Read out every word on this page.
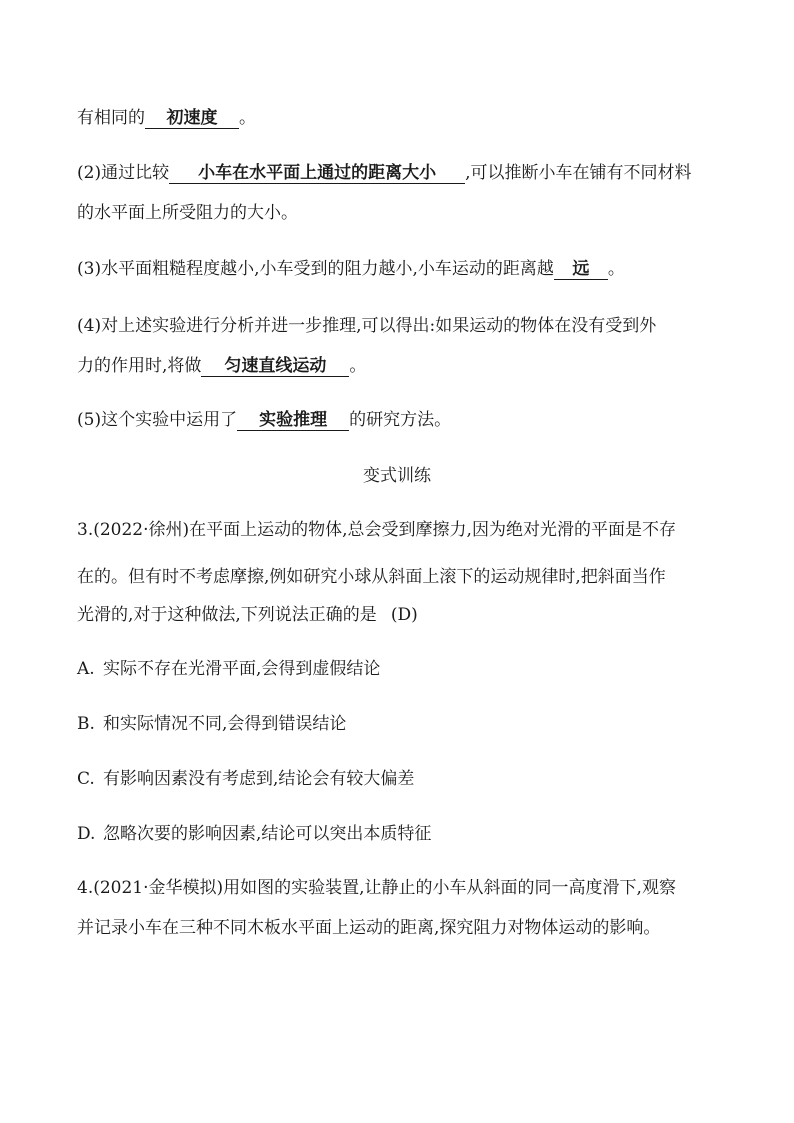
有相同的 初速度 。
(2)通过比较 小车在水平面上通过的距离大小 ,可以推断小车在铺有不同材料
的水平面上所受阻力的大小。
(3)水平面粗糙程度越小,小车受到的阻力越小,小车运动的距离越 远 。
(4)对上述实验进行分析并进一步推理,可以得出:如果运动的物体在没有受到外
力的作用时,将做 匀速直线运动 。
(5)这个实验中运用了 实验推理 的研究方法。
变式训练
3.(2022·徐州)在平面上运动的物体,总会受到摩擦力,因为绝对光滑的平面是不存
在的。但有时不考虑摩擦,例如研究小球从斜面上滚下的运动规律时,把斜面当作
光滑的,对于这种做法,下列说法正确的是 (D)
A. 实际不存在光滑平面,会得到虚假结论
B. 和实际情况不同,会得到错误结论
C. 有影响因素没有考虑到,结论会有较大偏差
D. 忽略次要的影响因素,结论可以突出本质特征
4.(2021·金华模拟)用如图的实验装置,让静止的小车从斜面的同一高度滑下,观察
并记录小车在三种不同木板水平面上运动的距离,探究阻力对物体运动的影响。
